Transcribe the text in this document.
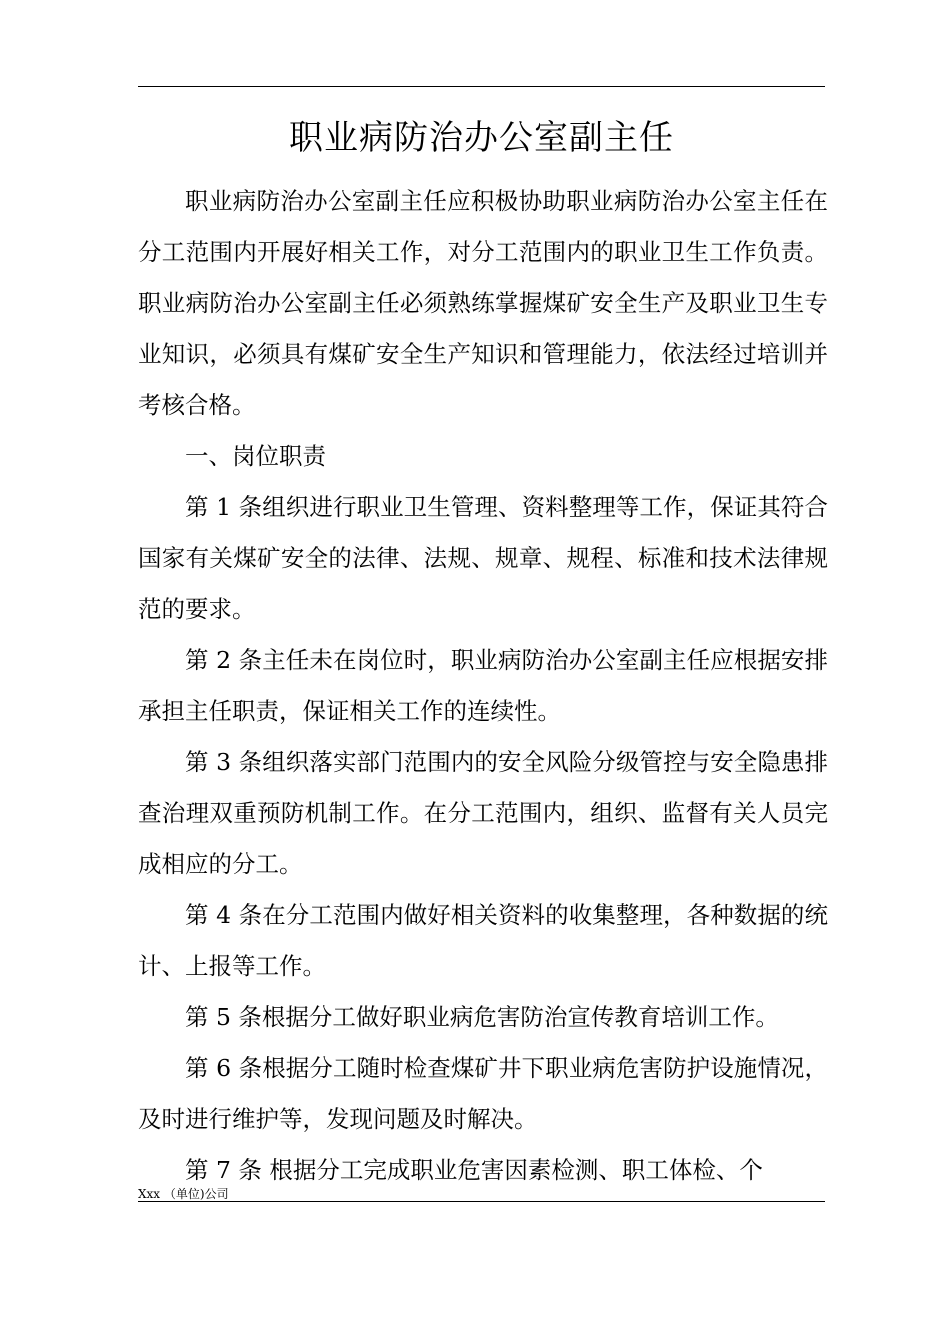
职业病防治办公室副主任

职业病防治办公室副主任应积极协助职业病防治办公室主任在分工范围内开展好相关工作，对分工范围内的职业卫生工作负责。职业病防治办公室副主任必须熟练掌握煤矿安全生产及职业卫生专业知识，必须具有煤矿安全生产知识和管理能力，依法经过培训并考核合格。

一、岗位职责

第 1 条组织进行职业卫生管理、资料整理等工作，保证其符合国家有关煤矿安全的法律、法规、规章、规程、标准和技术法律规范的要求。

第 2 条主任未在岗位时，职业病防治办公室副主任应根据安排承担主任职责，保证相关工作的连续性。

第 3 条组织落实部门范围内的安全风险分级管控与安全隐患排查治理双重预防机制工作。在分工范围内，组织、监督有关人员完成相应的分工。

第 4 条在分工范围内做好相关资料的收集整理，各种数据的统计、上报等工作。

第 5 条根据分工做好职业病危害防治宣传教育培训工作。

第 6 条根据分工随时检查煤矿井下职业病危害防护设施情况，及时进行维护等，发现问题及时解决。

第 7 条 根据分工完成职业危害因素检测、职工体检、个

Xxx （单位)公司
